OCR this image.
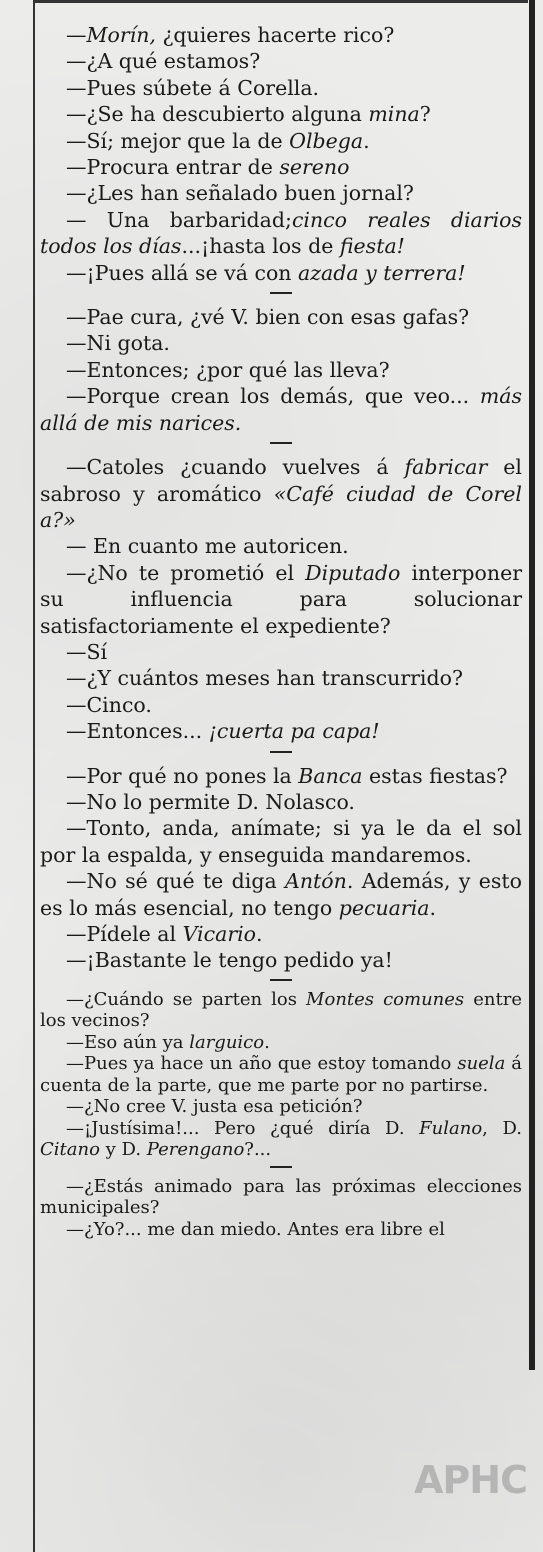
—Morín, ¿quieres hacerte rico?

—¿A qué estamos?

—Pues súbete á Corella.

—¿Se ha descubierto alguna mina?

—Sí; mejor que la de Olbega.

—Procura entrar de sereno

—¿Les han señalado buen jornal?

— Una barbaridad;cinco reales diarios todos los días...¡hasta los de fiesta!

—¡Pues allá se vá con azada y terrera!

—Pae cura, ¿vé V. bien con esas gafas?

—Ni gota.

—Entonces; ¿por qué las lleva?

—Porque crean los demás, que veo... más allá de mis narices.

—Catoles ¿cuando vuelves á fabricar el sabroso y aromático «Café ciudad de Corel a?»

— En cuanto me autoricen.

—¿No te prometió el Diputado interponer su influencia para solucionar satisfactoriamente el expediente?

—Sí

—¿Y cuántos meses han transcurrido?

—Cinco.

—Entonces... ¡cuerta pa capa!

—Por qué no pones la Banca estas fiestas?

—No lo permite D. Nolasco.

—Tonto, anda, anímate; si ya le da el sol por la espalda, y enseguida mandaremos.

—No sé qué te diga Antón. Además, y esto es lo más esencial, no tengo pecuaria.

—Pídele al Vicario.

—¡Bastante le tengo pedido ya!

—¿Cuándo se parten los Montes comunes entre los vecinos?

—Eso aún ya larguico.

—Pues ya hace un año que estoy tomando suela á cuenta de la parte, que me parte por no partirse.

—¿No cree V. justa esa petición?

—¡Justísima!... Pero ¿qué diría D. Fulano, D. Citano y D. Perengano?...

—¿Estás animado para las próximas elecciones municipales?

—¿Yo?... me dan miedo. Antes era libre el

APHC
